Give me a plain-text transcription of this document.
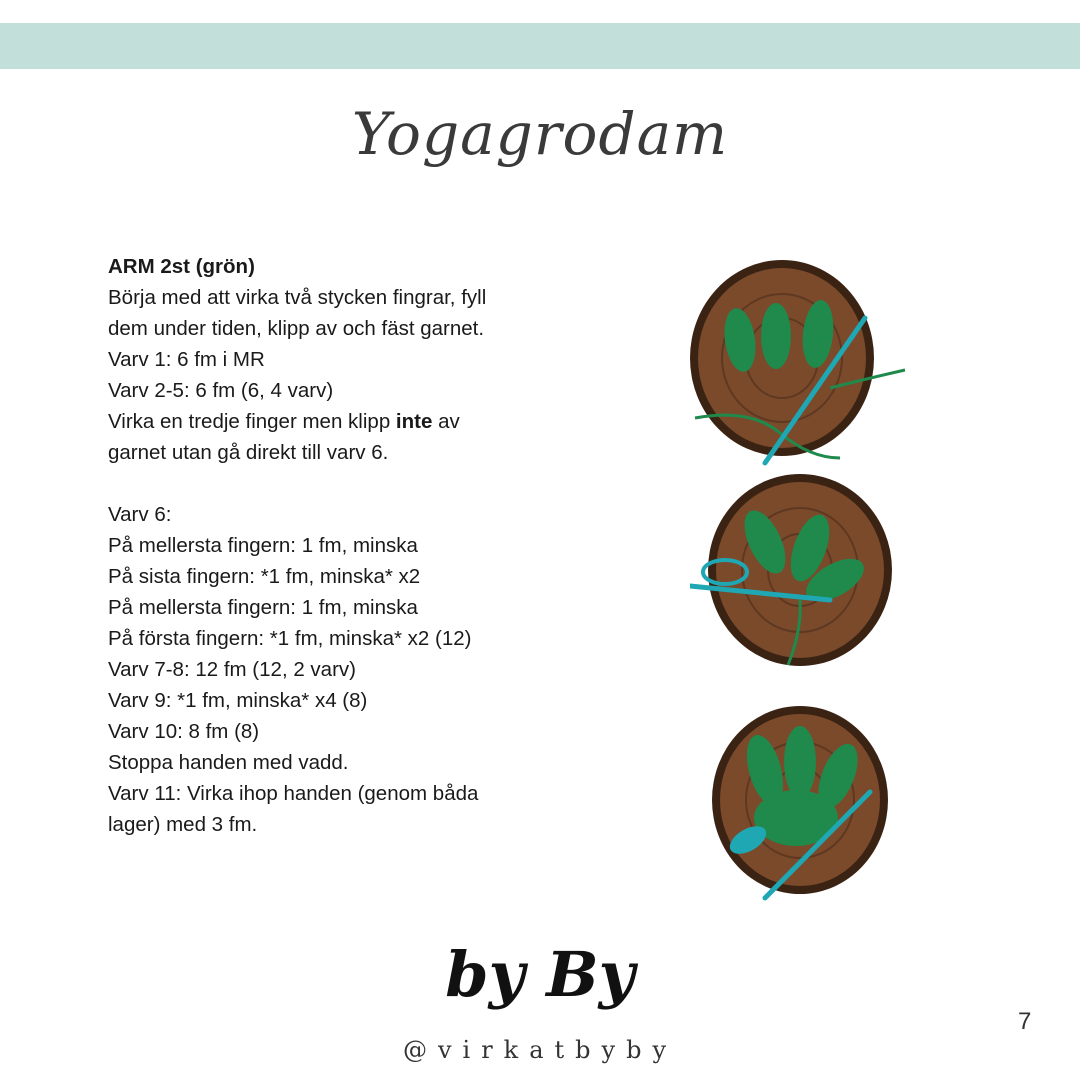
Yogagrodam

ARM 2st (grön)

Börja med att virka två stycken fingrar, fyll

dem under tiden, klipp av och fäst garnet.

Varv 1: 6 fm i MR

Varv 2-5: 6 fm (6, 4 varv)

Virka en tredje finger men klipp inte av

garnet utan gå direkt till varv 6.

Varv 6:

På mellersta fingern: 1 fm, minska

På sista fingern: *1 fm, minska* x2

På mellersta fingern: 1 fm, minska

På första fingern: *1 fm, minska* x2 (12)

Varv 7-8: 12 fm (12, 2 varv)

Varv 9: *1 fm, minska* x4 (8)

Varv 10: 8 fm (8)

Stoppa handen med vadd.

Varv 11: Virka ihop handen (genom båda

lager) med 3 fm.

by By
@virkatbyby
7
